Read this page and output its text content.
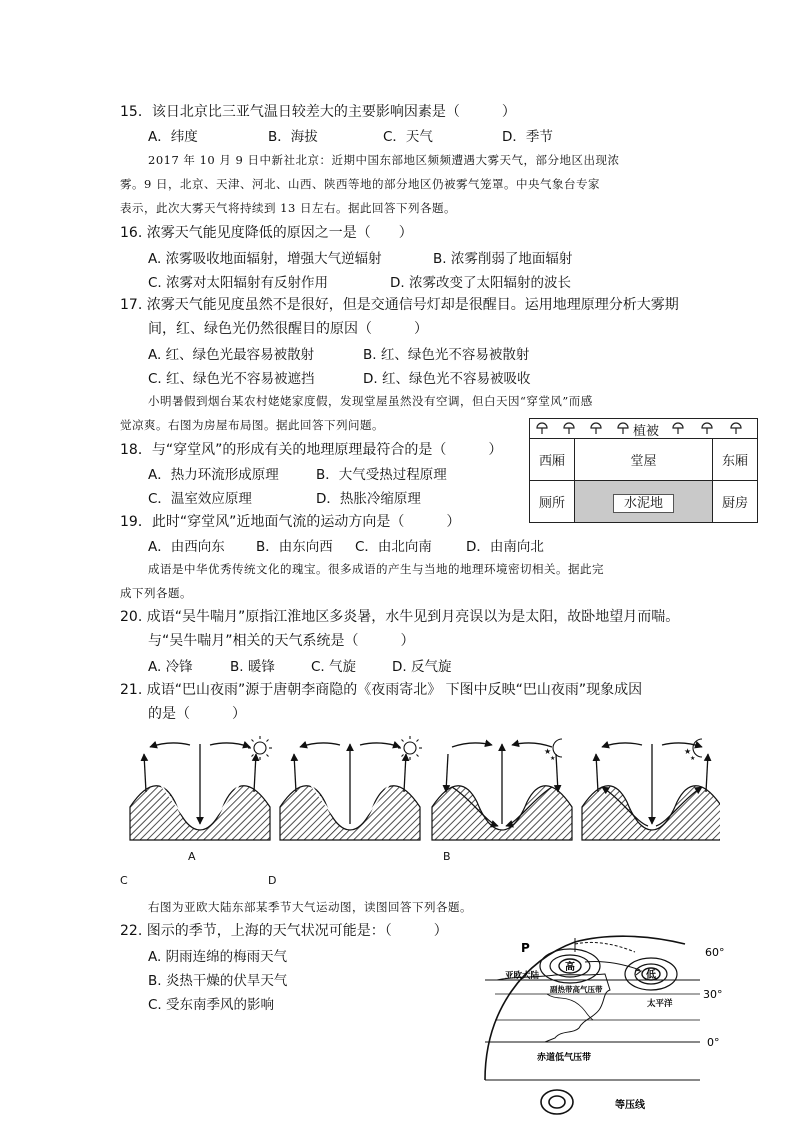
15．该日北京比三亚气温日较差大的主要影响因素是（　　　）
A．纬度	B．海拔	C．天气	D．季节
2017 年 10 月 9 日中新社北京：近期中国东部地区频频遭遇大雾天气，部分地区出现浓
雾。9 日，北京、天津、河北、山西、陕西等地的部分地区仍被雾气笼罩。中央气象台专家
表示，此次大雾天气将持续到 13 日左右。据此回答下列各题。
16. 浓雾天气能见度降低的原因之一是（　　）
A. 浓雾吸收地面辐射，增强大气逆辐射	B. 浓雾削弱了地面辐射
C. 浓雾对太阳辐射有反射作用	D. 浓雾改变了太阳辐射的波长
17. 浓雾天气能见度虽然不是很好，但是交通信号灯却是很醒目。运用地理原理分析大雾期
间，红、绿色光仍然很醒目的原因（　　　）
A. 红、绿色光最容易被散射	B. 红、绿色光不容易被散射
C. 红、绿色光不容易被遮挡	D. 红、绿色光不容易被吸收
小明暑假到烟台某农村姥姥家度假，发现堂屋虽然没有空调，但白天因“穿堂风”而感
觉凉爽。右图为房屋布局图。据此回答下列问题。	植被		

西厢	堂屋	东厢
厕所	水泥地	厨房
18．与“穿堂风”的形成有关的地理原理最符合的是（　　　）
A．热力环流形成原理	B．大气受热过程原理
C．温室效应原理	D．热胀冷缩原理
19．此时“穿堂风”近地面气流的运动方向是（　　　）
A．由西向东 B．由东向西 C．由北向南	D．由南向北
成语是中华优秀传统文化的瑰宝。很多成语的产生与当地的地理环境密切相关。据此完
成下列各题。
20. 成语“吴牛喘月”原指江淮地区多炎暑，水牛见到月亮误以为是太阳，故卧地望月而喘。
与“吴牛喘月”相关的天气系统是（　　　）
A. 冷锋	B. 暖锋	C. 气旋	D. 反气旋
21. 成语“巴山夜雨”源于唐朝李商隐的《夜雨寄北》 下图中反映“巴山夜雨”现象成因
的是（　　　）
★
★
★
★
A	B
C	D
右图为亚欧大陆东部某季节大气运动图，读图回答下列各题。
22. 图示的季节，上海的天气状况可能是：（　　　）
A. 阴雨连绵的梅雨天气
B. 炎热干燥的伏旱天气
C. 受东南季风的影响
高
低
P	60°
30°
0°
亚欧大陆
副热带高气压带
太平洋
赤道低气压带
等压线
